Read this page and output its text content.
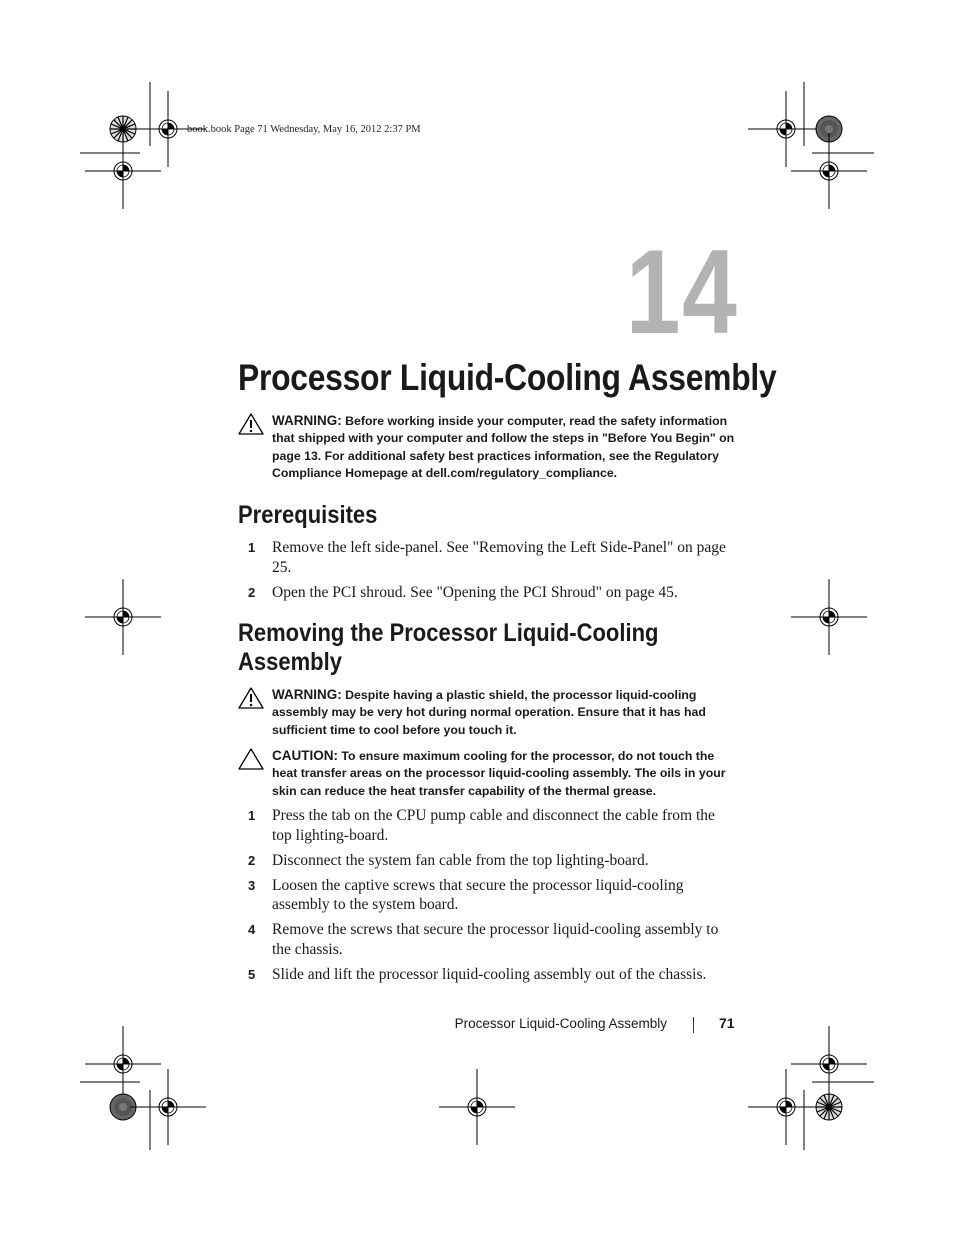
book.book Page 71 Wednesday, May 16, 2012 2:37 PM
14
Processor Liquid-Cooling Assembly
WARNING: Before working inside your computer, read the safety information that shipped with your computer and follow the steps in "Before You Begin" on page 13. For additional safety best practices information, see the Regulatory Compliance Homepage at dell.com/regulatory_compliance.
Prerequisites
1 Remove the left side-panel. See "Removing the Left Side-Panel" on page 25.
2 Open the PCI shroud. See "Opening the PCI Shroud" on page 45.
Removing the Processor Liquid-Cooling Assembly
WARNING: Despite having a plastic shield, the processor liquid-cooling assembly may be very hot during normal operation. Ensure that it has had sufficient time to cool before you touch it.
CAUTION: To ensure maximum cooling for the processor, do not touch the heat transfer areas on the processor liquid-cooling assembly. The oils in your skin can reduce the heat transfer capability of the thermal grease.
1 Press the tab on the CPU pump cable and disconnect the cable from the top lighting-board.
2 Disconnect the system fan cable from the top lighting-board.
3 Loosen the captive screws that secure the processor liquid-cooling assembly to the system board.
4 Remove the screws that secure the processor liquid-cooling assembly to the chassis.
5 Slide and lift the processor liquid-cooling assembly out of the chassis.
Processor Liquid-Cooling Assembly	71
